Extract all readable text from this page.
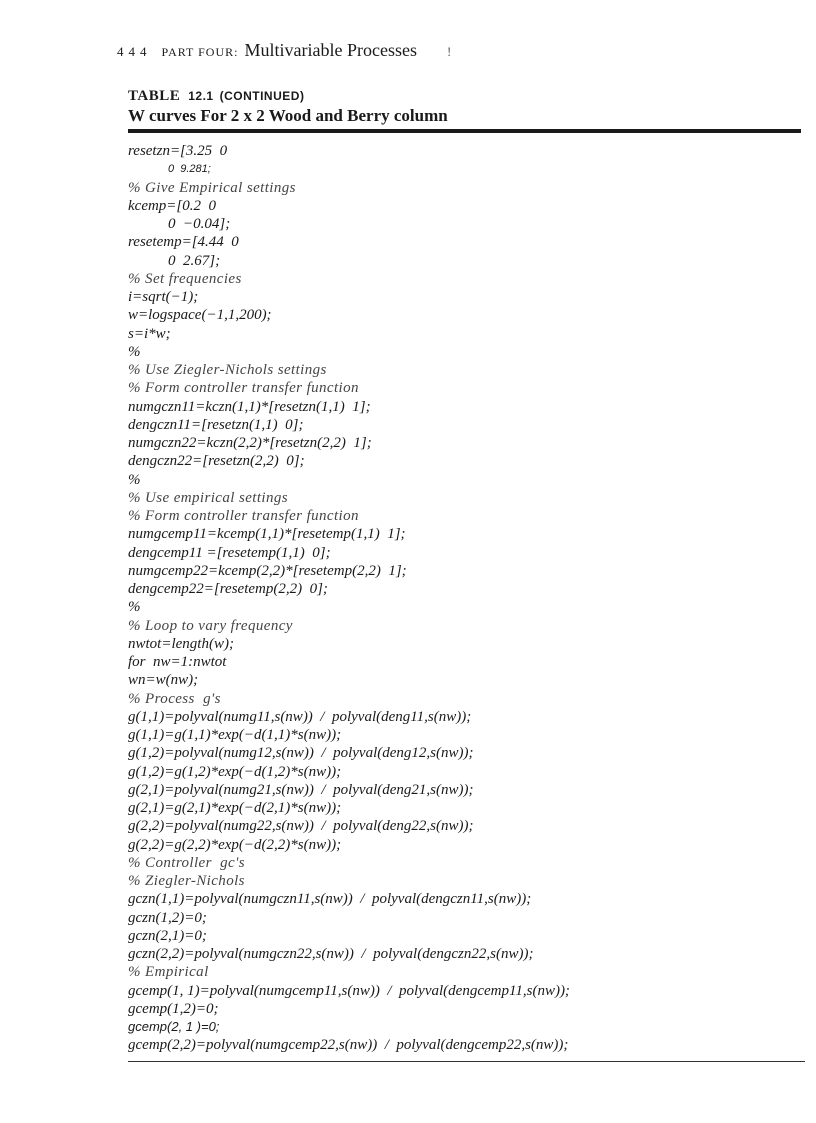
444 PART FOUR: Multivariable Processes !
TABLE 12.1 (CONTINUED)
W curves For 2 x 2 Wood and Berry column
resetzn=[3.25  0
0  9.281;
% Give Empirical settings
kcemp=[0.2  0
0  −0.04];
resetemp=[4.44  0
0  2.67];
% Set frequencies
i=sqrt(−1);
w=logspace(−1,1,200);
s=i*w;
%
% Use Ziegler-Nichols settings
% Form controller transfer function
numgczn11=kczn(1,1)*[resetzn(1,1)  1];
dengczn11=[resetzn(1,1)  0];
numgczn22=kczn(2,2)*[resetzn(2,2)  1];
dengczn22=[resetzn(2,2)  0];
%
% Use empirical settings
% Form controller transfer function
numgcemp11=kcemp(1,1)*[resetemp(1,1)  1];
dengcemp11 =[resetemp(1,1)  0];
numgcemp22=kcemp(2,2)*[resetemp(2,2)  1];
dengcemp22=[resetemp(2,2)  0];
%
% Loop to vary frequency
nwtot=length(w);
for  nw=1:nwtot
wn=w(nw);
% Process  g's
g(1,1)=polyval(numg11,s(nw))  /  polyval(deng11,s(nw));
g(1,1)=g(1,1)*exp(−d(1,1)*s(nw));
g(1,2)=polyval(numg12,s(nw))  /  polyval(deng12,s(nw));
g(1,2)=g(1,2)*exp(−d(1,2)*s(nw));
g(2,1)=polyval(numg21,s(nw))  /  polyval(deng21,s(nw));
g(2,1)=g(2,1)*exp(−d(2,1)*s(nw));
g(2,2)=polyval(numg22,s(nw))  /  polyval(deng22,s(nw));
g(2,2)=g(2,2)*exp(−d(2,2)*s(nw));
% Controller  gc's
% Ziegler-Nichols
gczn(1,1)=polyval(numgczn11,s(nw))  /  polyval(dengczn11,s(nw));
gczn(1,2)=0;
gczn(2,1)=0;
gczn(2,2)=polyval(numgczn22,s(nw))  /  polyval(dengczn22,s(nw));
% Empirical
gcemp(1, 1)=polyval(numgcemp11,s(nw))  /  polyval(dengcemp11,s(nw));
gcemp(1,2)=0;
gcemp(2, 1 )=0;
gcemp(2,2)=polyval(numgcemp22,s(nw))  /  polyval(dengcemp22,s(nw));
